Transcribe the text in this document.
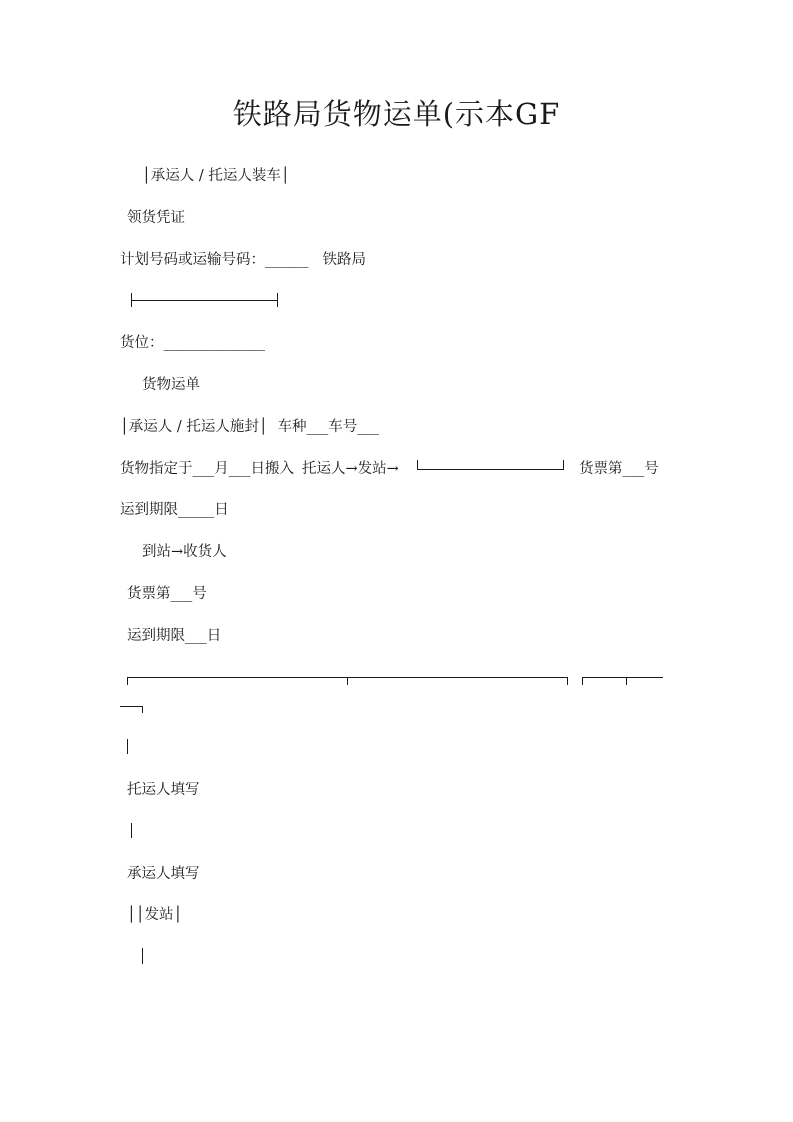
铁路局货物运单(示本GF
│承运人 / 托运人装车│
领货凭证
计划号码或运输号码：______ 铁路局
货位：______________
货物运单
│承运人 / 托运人施封│ 车种___车号___
货物指定于___月___日搬入 托运人→发站→	货票第___号
运到期限_____日
到站→收货人
货票第___号
运到期限___日
托运人填写
承运人填写
││发站│
